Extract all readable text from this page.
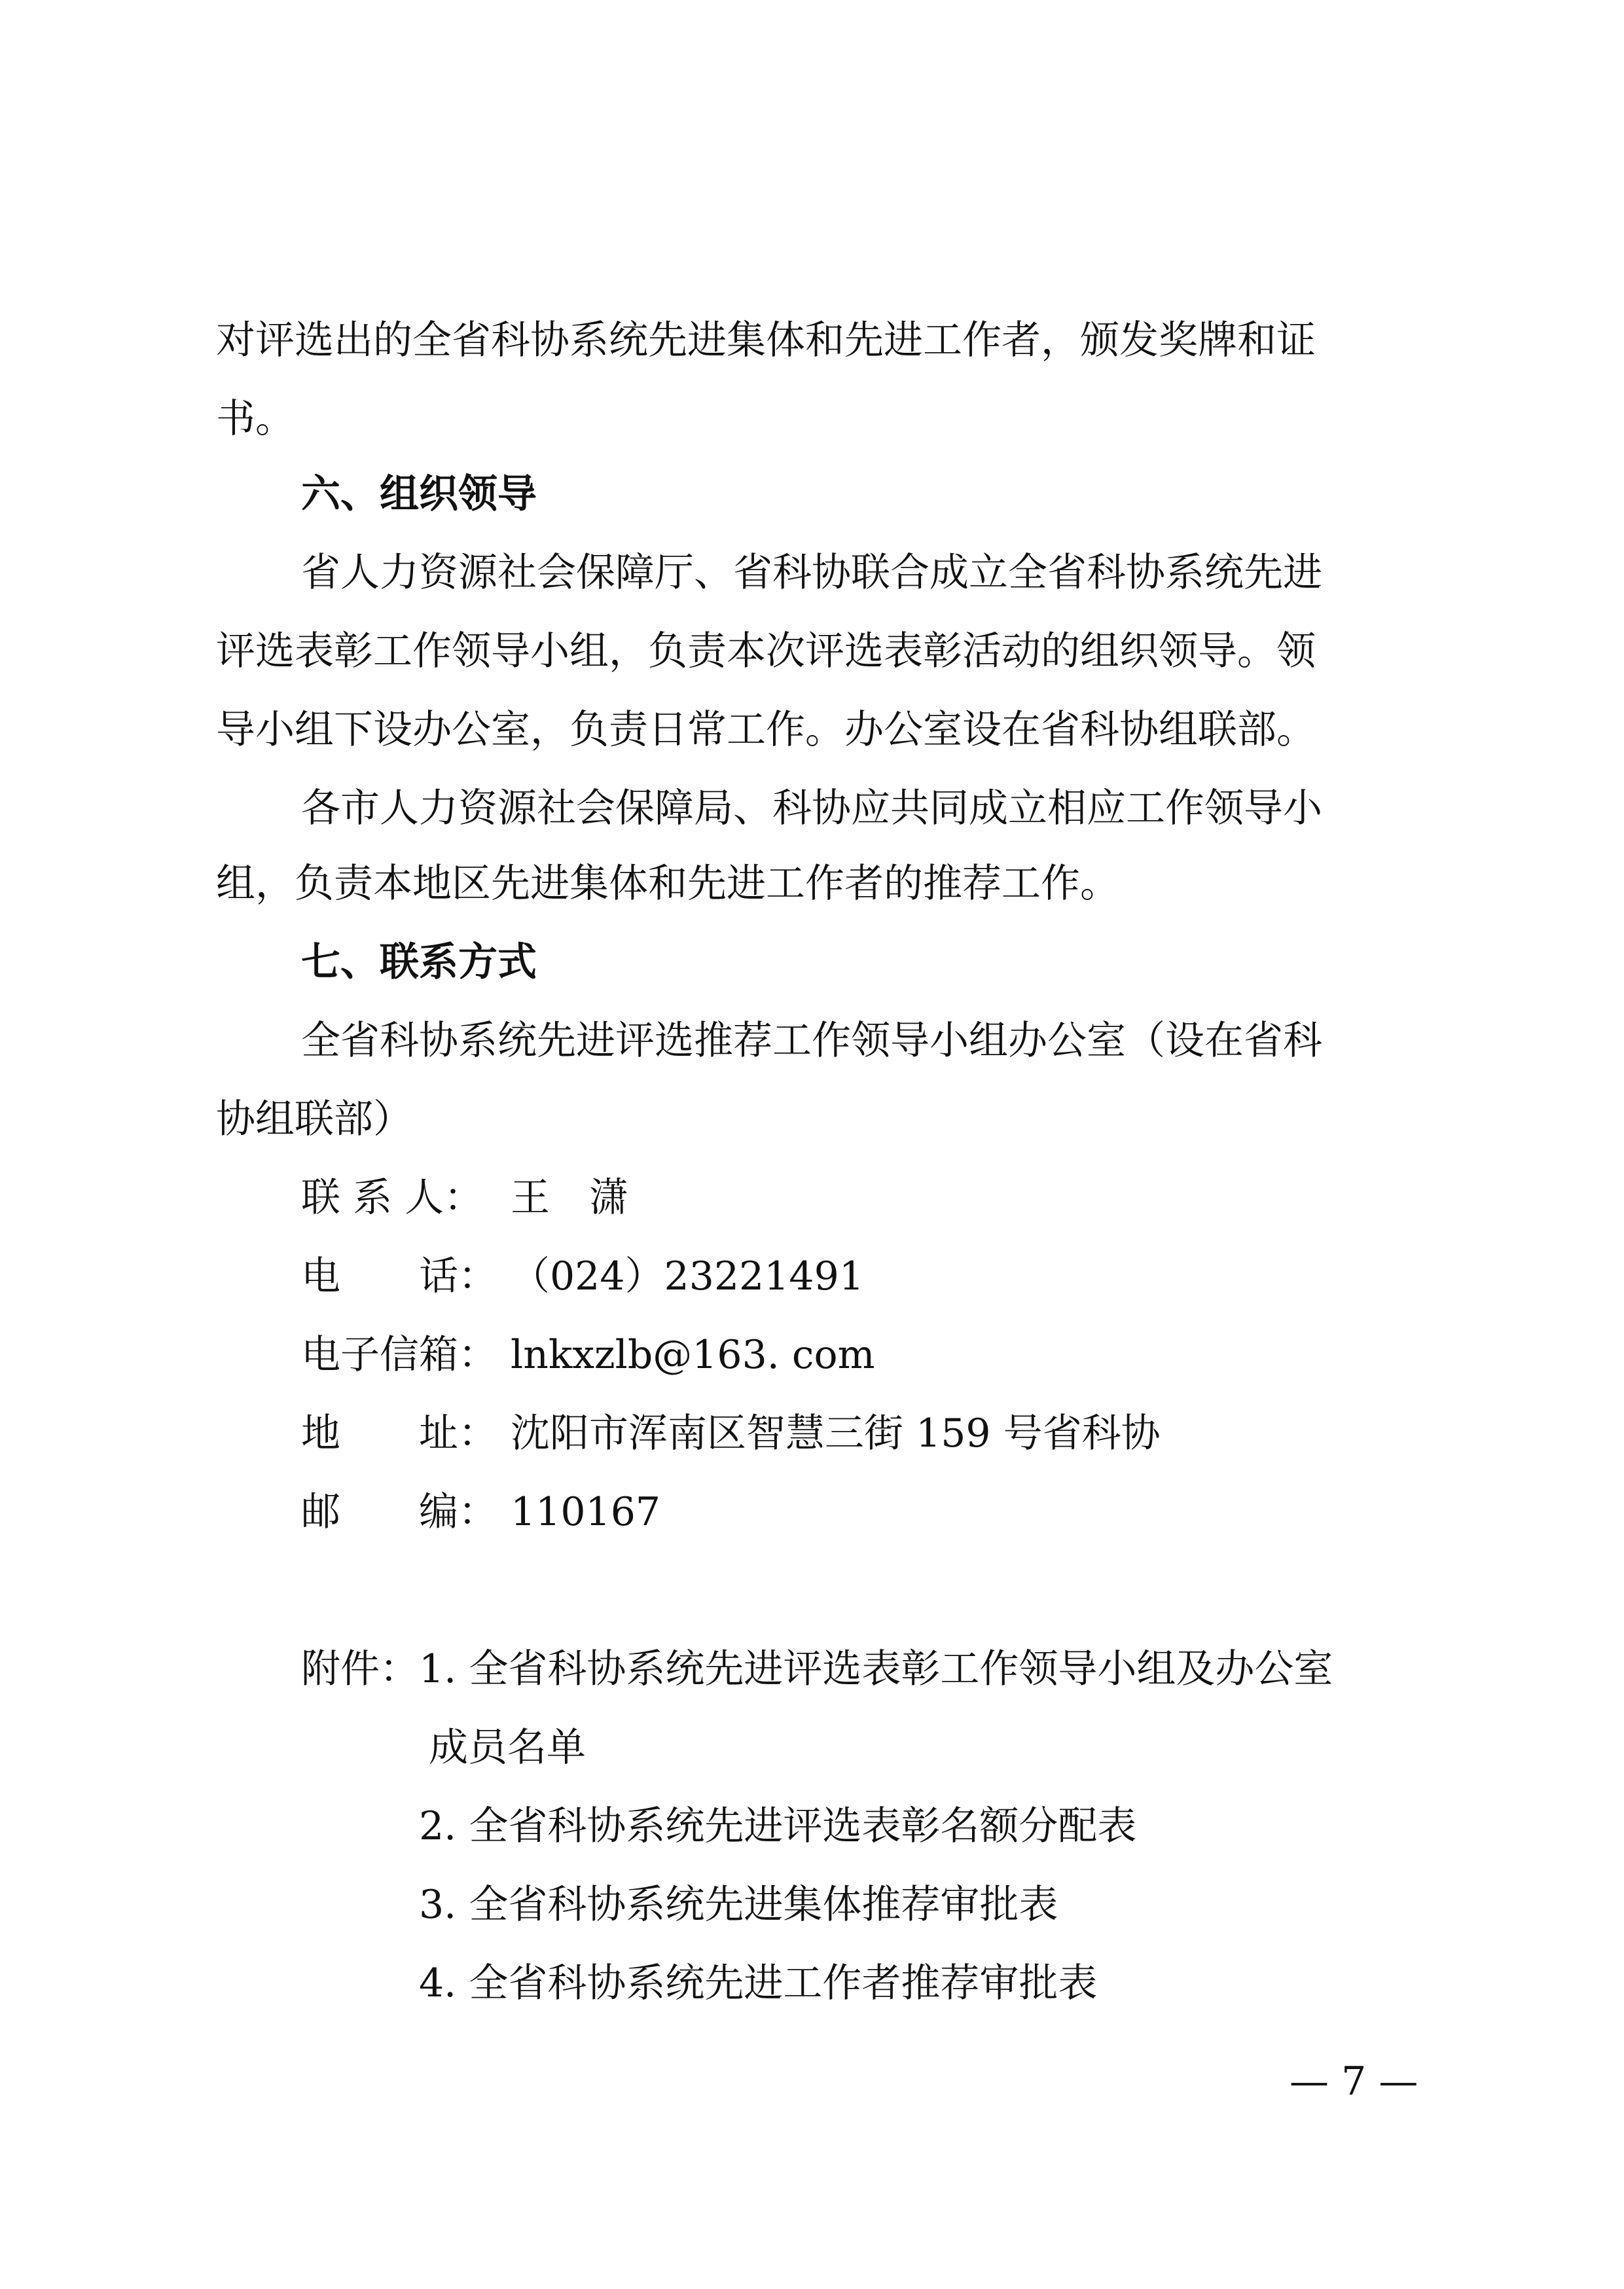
对评选出的全省科协系统先进集体和先进工作者，颁发奖牌和证
书。
六、组织领导
省人力资源社会保障厅、省科协联合成立全省科协系统先进
评选表彰工作领导小组，负责本次评选表彰活动的组织领导。领
导小组下设办公室，负责日常工作。办公室设在省科协组联部。
各市人力资源社会保障局、科协应共同成立相应工作领导小
组，负责本地区先进集体和先进工作者的推荐工作。
七、联系方式
全省科协系统先进评选推荐工作领导小组办公室（设在省科
协组联部）
联 系 人： 王　潇
电　　话： （024）23221491
电子信箱： lnkxzlb@163. com
地　　址： 沈阳市浑南区智慧三街 159 号省科协
邮　　编： 110167
附件：1. 全省科协系统先进评选表彰工作领导小组及办公室
成员名单
2. 全省科协系统先进评选表彰名额分配表
3. 全省科协系统先进集体推荐审批表
4. 全省科协系统先进工作者推荐审批表
— 7 —
